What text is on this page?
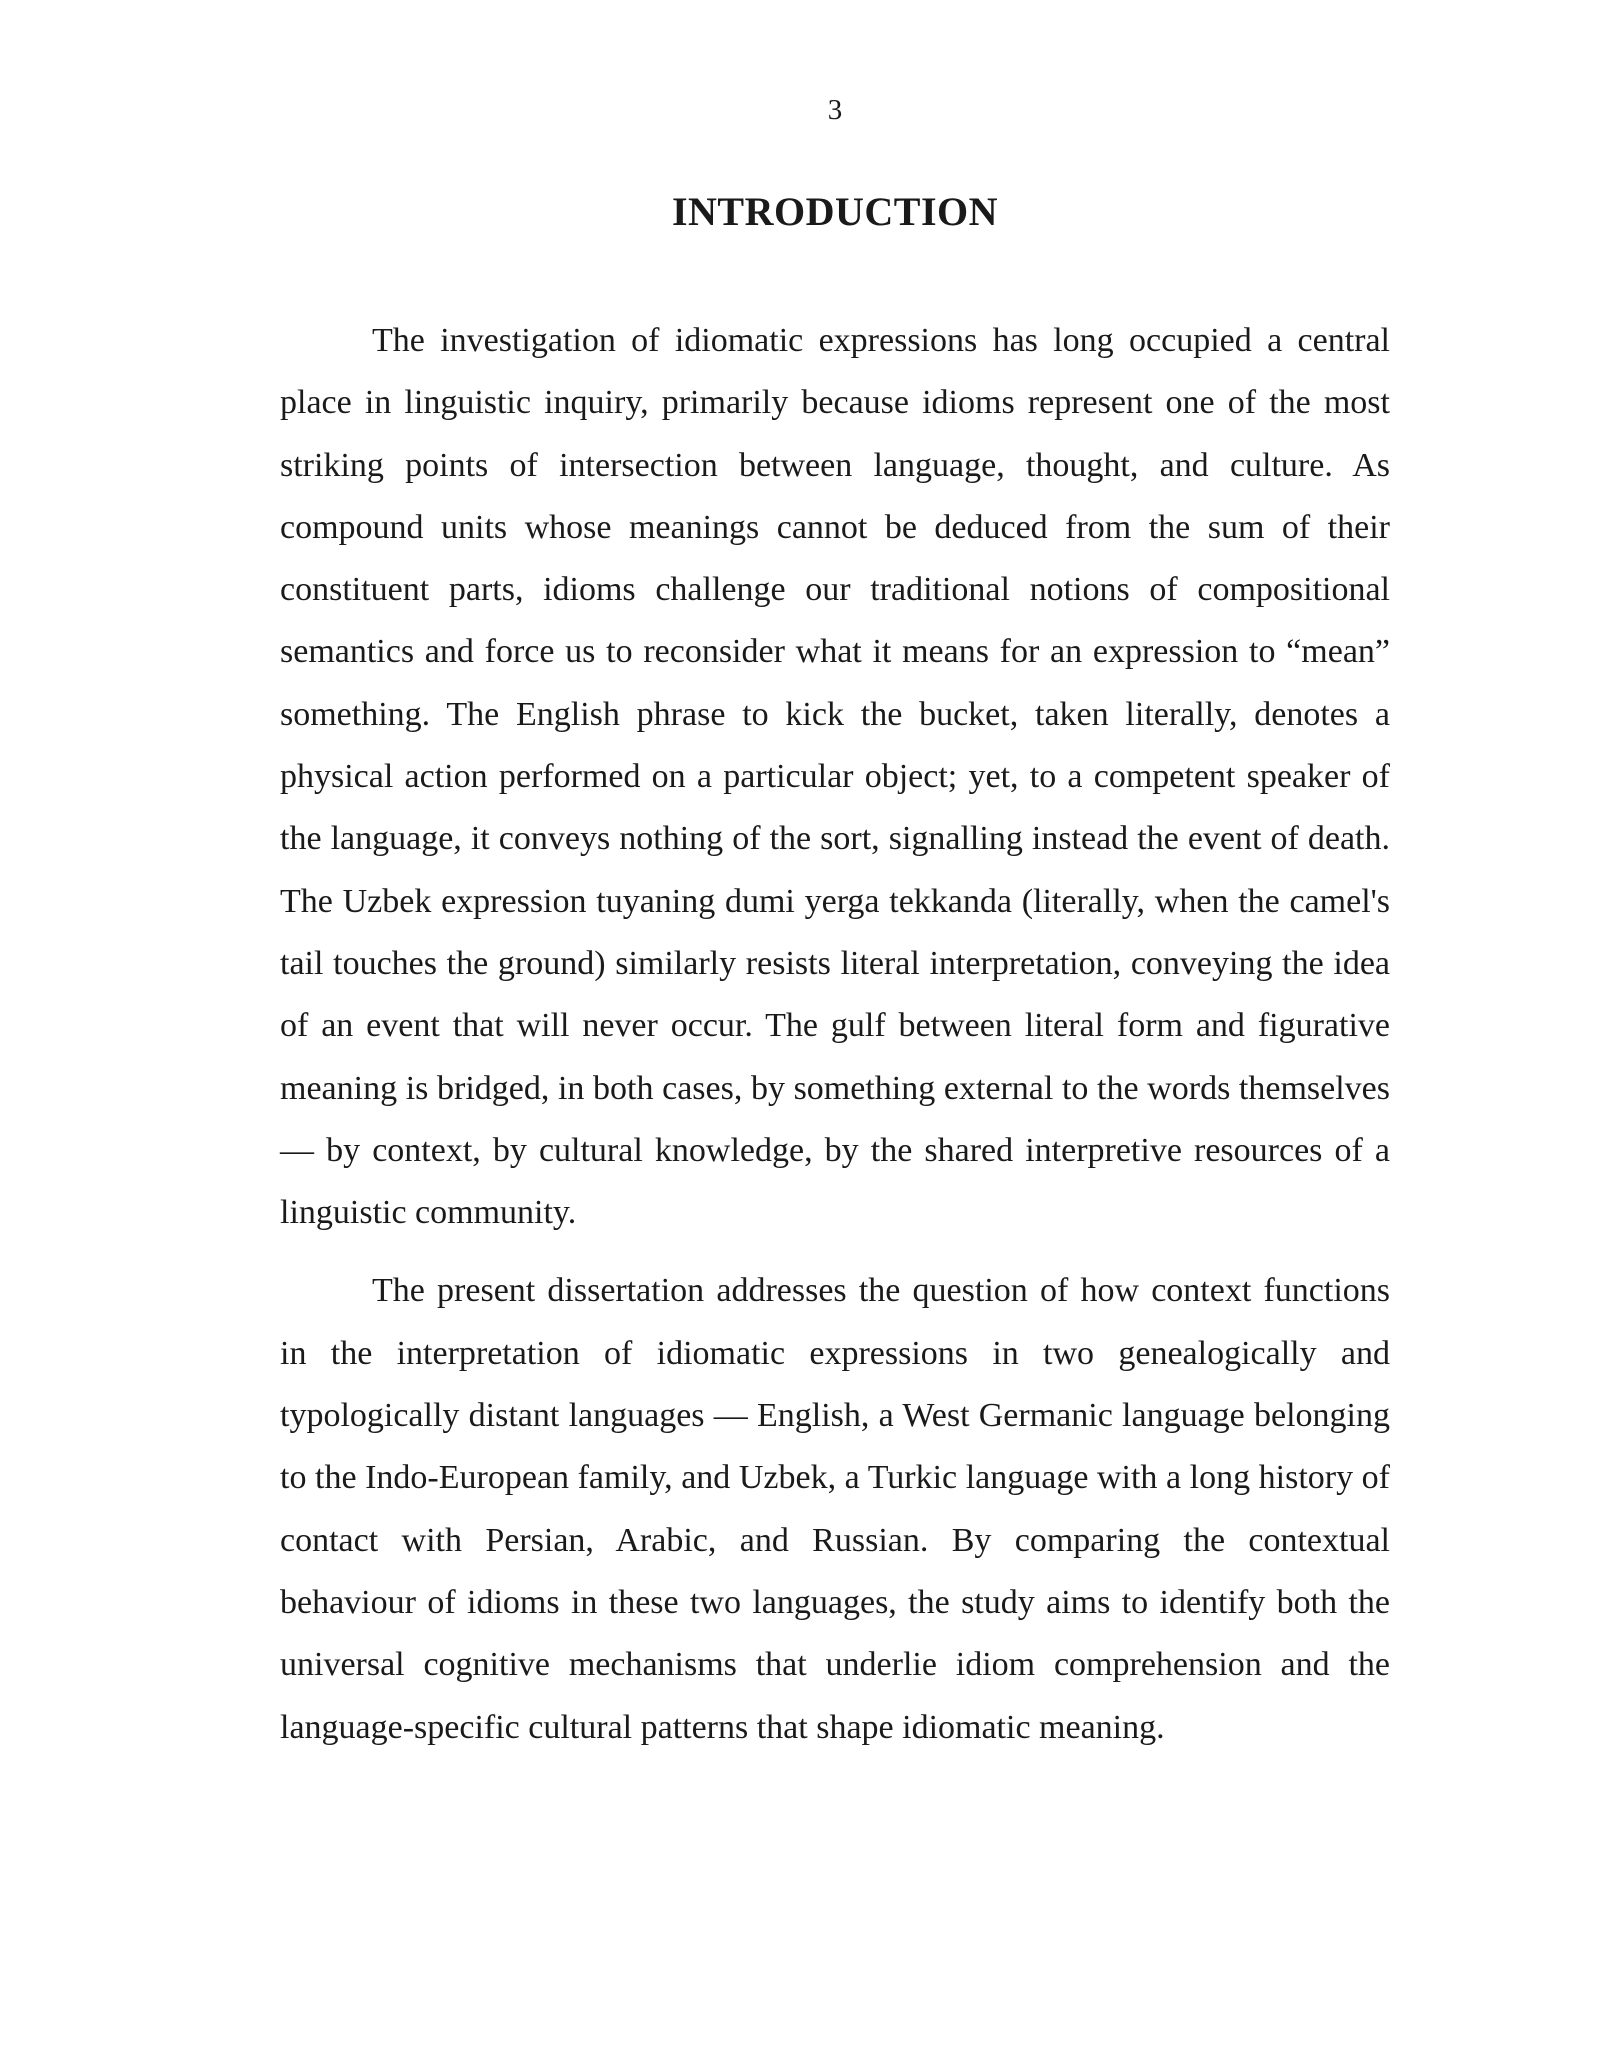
3
INTRODUCTION

The investigation of idiomatic expressions has long occupied a central place in linguistic inquiry, primarily because idioms represent one of the most striking points of intersection between language, thought, and culture. As compound units whose meanings cannot be deduced from the sum of their constituent parts, idioms challenge our traditional notions of compositional semantics and force us to reconsider what it means for an expression to “mean” something. The English phrase to kick the bucket, taken literally, denotes a physical action performed on a particular object; yet, to a competent speaker of the language, it conveys nothing of the sort, signalling instead the event of death. The Uzbek expression tuyaning dumi yerga tekkanda (literally, when the camel's tail touches the ground) similarly resists literal interpretation, conveying the idea of an event that will never occur. The gulf between literal form and figurative meaning is bridged, in both cases, by something external to the words themselves — by context, by cultural knowledge, by the shared interpretive resources of a linguistic community.

The present dissertation addresses the question of how context functions in the interpretation of idiomatic expressions in two genealogically and typologically distant languages — English, a West Germanic language belonging to the Indo-European family, and Uzbek, a Turkic language with a long history of contact with Persian, Arabic, and Russian. By comparing the contextual behaviour of idioms in these two languages, the study aims to identify both the universal cognitive mechanisms that underlie idiom comprehension and the language-specific cultural patterns that shape idiomatic meaning.
